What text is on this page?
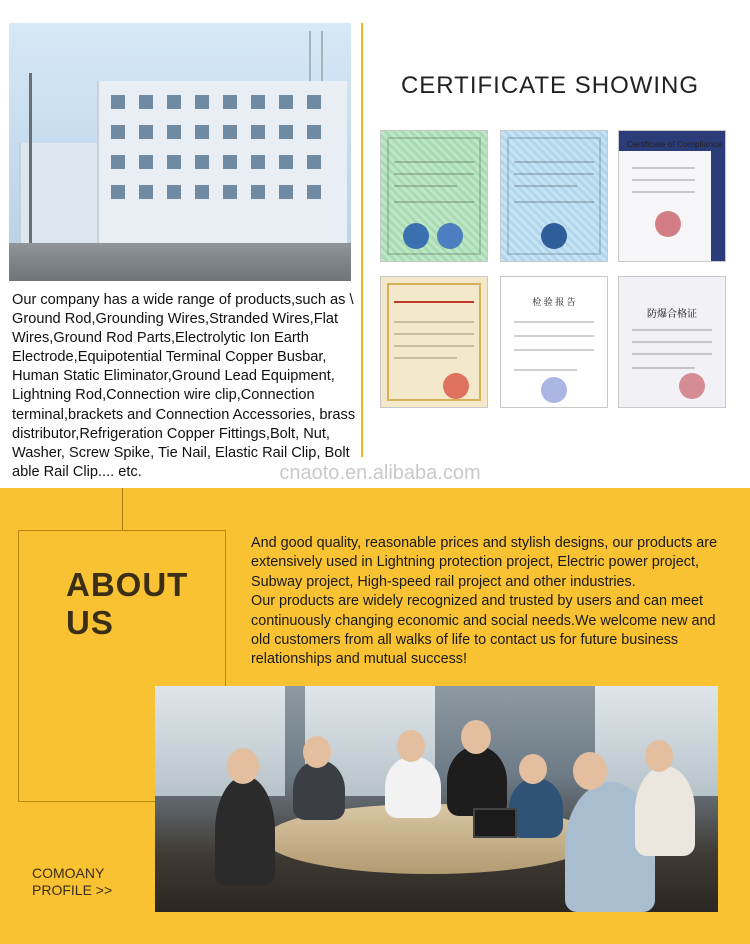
Our company has a wide range of products,such as \ Ground Rod,Grounding Wires,Stranded Wires,Flat Wires,Ground Rod Parts,Electrolytic Ion Earth Electrode,Equipotential Terminal Copper Busbar, Human Static Eliminator,Ground Lead Equipment, Lightning Rod,Connection wire clip,Connection terminal,brackets and Connection Accessories, brass distributor,Refrigeration Copper Fittings,Bolt, Nut, Washer, Screw Spike, Tie Nail, Elastic Rail Clip, Bolt able Rail Clip.... etc.
CERTIFICATE SHOWING
Certificate of Compliance
检 验 报 告
防爆合格证
cnaoto.en.alibaba.com
ABOUT
US

And good quality, reasonable prices and stylish designs, our products are extensively used in Lightning protection project, Electric power project, Subway project, High-speed rail project and other industries.

Our products are widely recognized and trusted by users and can meet continuously changing economic and social needs.We welcome new and old customers from all walks of life to contact us for future business relationships and mutual success!

COMOANY
PROFILE >>
